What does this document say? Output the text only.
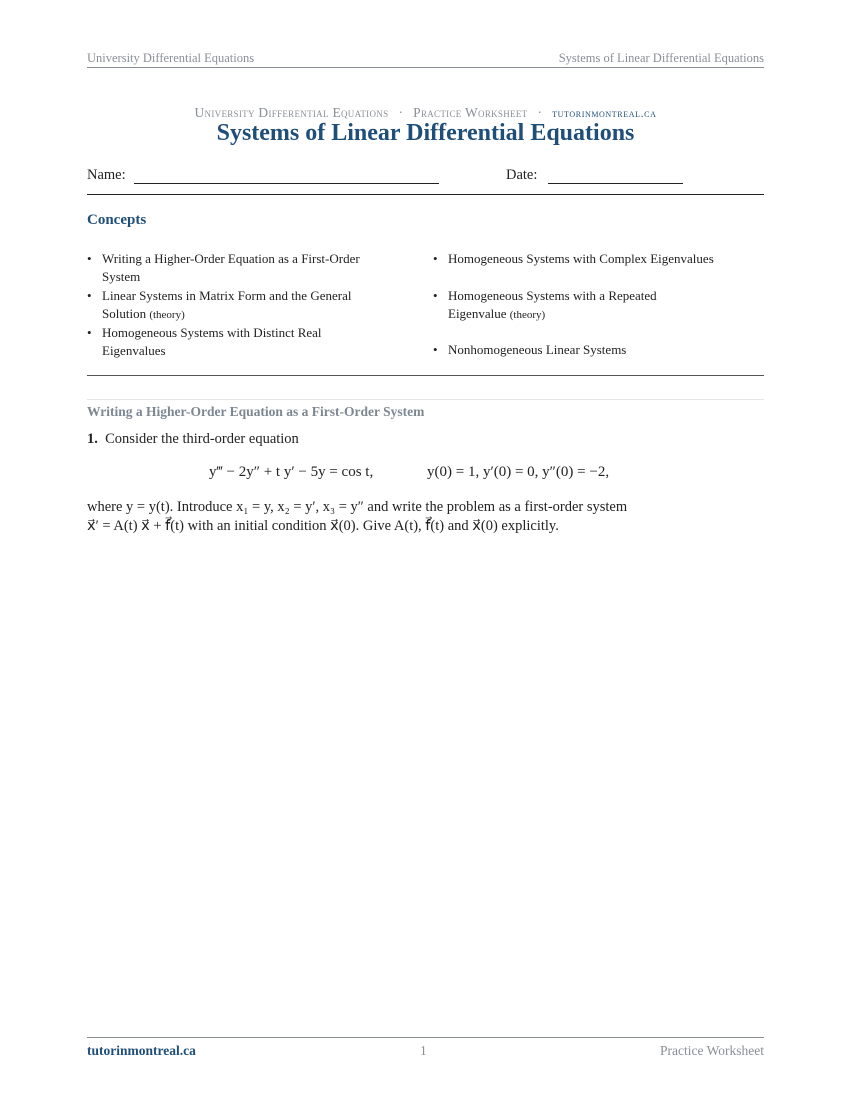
University Differential Equations	Systems of Linear Differential Equations
University Differential Equations · Practice Worksheet · tutorinmontreal.ca
Systems of Linear Differential Equations
Name:	Date:
Concepts
• Writing a Higher-Order Equation as a First-Order
System
• Homogeneous Systems with Complex Eigenvalues
• Linear Systems in Matrix Form and the General
Solution (theory)
• Homogeneous Systems with a Repeated
Eigenvalue (theory)
• Homogeneous Systems with Distinct Real
Eigenvalues	• Nonhomogeneous Linear Systems
Writing a Higher-Order Equation as a First-Order System
1. Consider the third-order equation
y‴ − 2y″ + t y′ − 5y = cos t,	y(0) = 1, y′(0) = 0, y″(0) = −2,
where y = y(t). Introduce x₁ = y, x₂ = y′, x₃ = y″ and write the problem as a first-order system
x⃗′ = A(t) x⃗ + f⃗(t) with an initial condition x⃗(0). Give A(t), f⃗(t) and x⃗(0) explicitly.
tutorinmontreal.ca	1	Practice Worksheet
